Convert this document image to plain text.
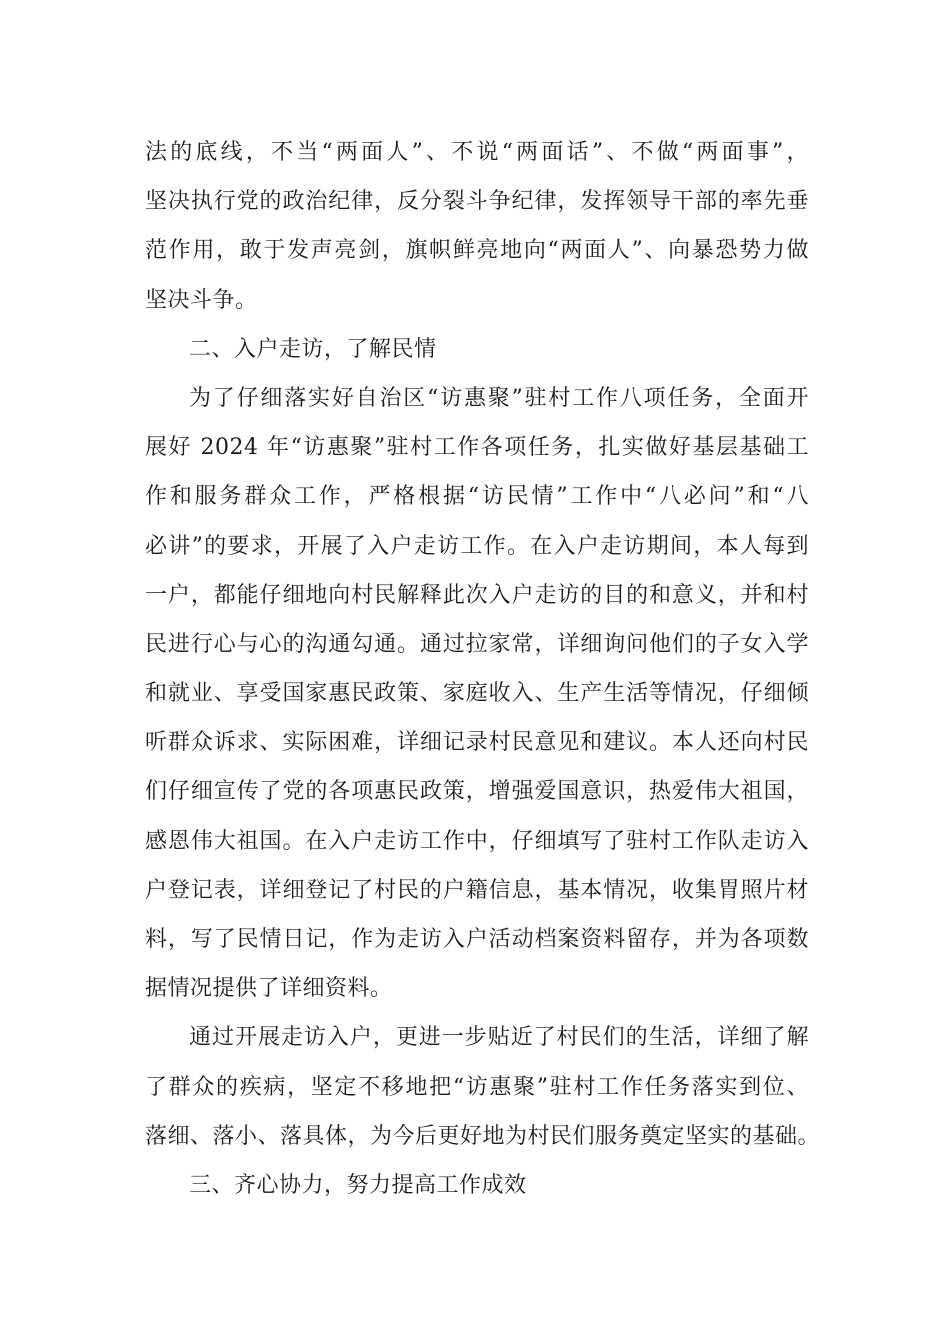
法的底线，不当“两面人”、不说“两面话”、不做“两面事”，
坚决执行党的政治纪律，反分裂斗争纪律，发挥领导干部的率先垂
范作用，敢于发声亮剑，旗帜鲜亮地向“两面人”、向暴恐势力做
坚决斗争。
二、入户走访，了解民情
为了仔细落实好自治区“访惠聚”驻村工作八项任务，全面开
展好 2024 年“访惠聚”驻村工作各项任务，扎实做好基层基础工
作和服务群众工作，严格根据“访民情”工作中“八必问”和“八
必讲”的要求，开展了入户走访工作。在入户走访期间，本人每到
一户，都能仔细地向村民解释此次入户走访的目的和意义，并和村
民进行心与心的沟通勾通。通过拉家常，详细询问他们的子女入学
和就业、享受国家惠民政策、家庭收入、生产生活等情况，仔细倾
听群众诉求、实际困难，详细记录村民意见和建议。本人还向村民
们仔细宣传了党的各项惠民政策，增强爱国意识，热爱伟大祖国，
感恩伟大祖国。在入户走访工作中，仔细填写了驻村工作队走访入
户登记表，详细登记了村民的户籍信息，基本情况，收集胃照片材
料，写了民情日记，作为走访入户活动档案资料留存，并为各项数
据情况提供了详细资料。
通过开展走访入户，更进一步贴近了村民们的生活，详细了解
了群众的疾病，坚定不移地把“访惠聚”驻村工作任务落实到位、
落细、落小、落具体，为今后更好地为村民们服务奠定坚实的基础。
三、齐心协力，努力提高工作成效
